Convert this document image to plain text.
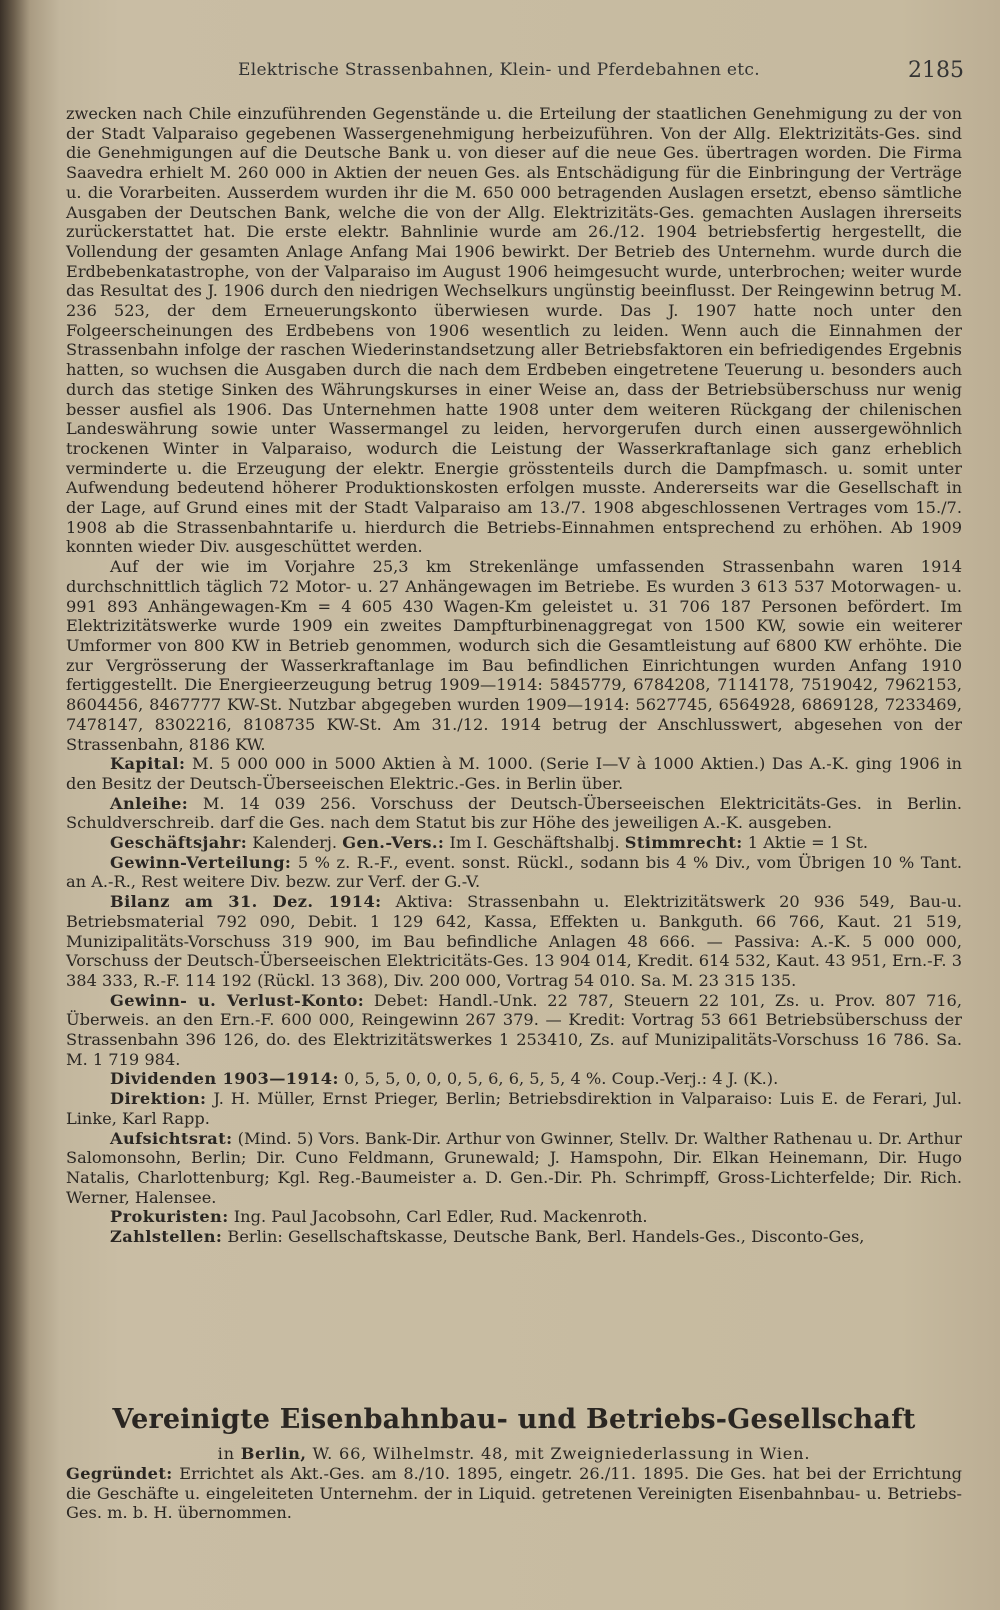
Elektrische Strassenbahnen, Klein- und Pferdebahnen etc.	2185

zwecken nach Chile einzuführenden Gegenstände u. die Erteilung der staatlichen Genehmigung zu der von der Stadt Valparaiso gegebenen Wassergenehmigung herbeizuführen. Von der Allg. Elektrizitäts-Ges. sind die Genehmigungen auf die Deutsche Bank u. von dieser auf die neue Ges. übertragen worden. Die Firma Saavedra erhielt M. 260 000 in Aktien der neuen Ges. als Entschädigung für die Einbringung der Verträge u. die Vorarbeiten. Ausserdem wurden ihr die M. 650 000 betragenden Auslagen ersetzt, ebenso sämtliche Ausgaben der Deutschen Bank, welche die von der Allg. Elektrizitäts-Ges. gemachten Auslagen ihrerseits zurückerstattet hat. Die erste elektr. Bahnlinie wurde am 26./12. 1904 betriebsfertig hergestellt, die Vollendung der gesamten Anlage Anfang Mai 1906 bewirkt. Der Betrieb des Unternehm. wurde durch die Erdbebenkatastrophe, von der Valparaiso im August 1906 heimgesucht wurde, unterbrochen; weiter wurde das Resultat des J. 1906 durch den niedrigen Wechselkurs ungünstig beeinflusst. Der Reingewinn betrug M. 236 523, der dem Erneuerungskonto überwiesen wurde. Das J. 1907 hatte noch unter den Folgeerscheinungen des Erdbebens von 1906 wesentlich zu leiden. Wenn auch die Einnahmen der Strassenbahn infolge der raschen Wiederinstandsetzung aller Betriebsfaktoren ein befriedigendes Ergebnis hatten, so wuchsen die Ausgaben durch die nach dem Erdbeben eingetretene Teuerung u. besonders auch durch das stetige Sinken des Währungskurses in einer Weise an, dass der Betriebsüberschuss nur wenig besser ausfiel als 1906. Das Unternehmen hatte 1908 unter dem weiteren Rückgang der chilenischen Landeswährung sowie unter Wassermangel zu leiden, hervorgerufen durch einen aussergewöhnlich trockenen Winter in Valparaiso, wodurch die Leistung der Wasserkraftanlage sich ganz erheblich verminderte u. die Erzeugung der elektr. Energie grösstenteils durch die Dampfmasch. u. somit unter Aufwendung bedeutend höherer Produktionskosten erfolgen musste. Andererseits war die Gesellschaft in der Lage, auf Grund eines mit der Stadt Valparaiso am 13./7. 1908 abgeschlossenen Vertrages vom 15./7. 1908 ab die Strassenbahntarife u. hierdurch die Betriebs-Einnahmen entsprechend zu erhöhen. Ab 1909 konnten wieder Div. ausgeschüttet werden.

Auf der wie im Vorjahre 25,3 km Strekenlänge umfassenden Strassenbahn waren 1914 durchschnittlich täglich 72 Motor- u. 27 Anhängewagen im Betriebe. Es wurden 3 613 537 Motorwagen- u. 991 893 Anhängewagen-Km = 4 605 430 Wagen-Km geleistet u. 31 706 187 Personen befördert. Im Elektrizitätswerke wurde 1909 ein zweites Dampfturbinenaggregat von 1500 KW, sowie ein weiterer Umformer von 800 KW in Betrieb genommen, wodurch sich die Gesamtleistung auf 6800 KW erhöhte. Die zur Vergrösserung der Wasserkraftanlage im Bau befindlichen Einrichtungen wurden Anfang 1910 fertiggestellt. Die Energieerzeugung betrug 1909—1914: 5845779, 6784208, 7114178, 7519042, 7962153, 8604456, 8467777 KW-St. Nutzbar abgegeben wurden 1909—1914: 5627745, 6564928, 6869128, 7233469, 7478147, 8302216, 8108735 KW-St. Am 31./12. 1914 betrug der Anschlusswert, abgesehen von der Strassenbahn, 8186 KW.

Kapital: M. 5 000 000 in 5000 Aktien à M. 1000. (Serie I—V à 1000 Aktien.) Das A.-K. ging 1906 in den Besitz der Deutsch-Überseeischen Elektric.-Ges. in Berlin über.

Anleihe: M. 14 039 256. Vorschuss der Deutsch-Überseeischen Elektricitäts-Ges. in Berlin. Schuldverschreib. darf die Ges. nach dem Statut bis zur Höhe des jeweiligen A.-K. ausgeben.

Geschäftsjahr: Kalenderj. Gen.-Vers.: Im I. Geschäftshalbj. Stimmrecht: 1 Aktie = 1 St.

Gewinn-Verteilung: 5 % z. R.-F., event. sonst. Rückl., sodann bis 4 % Div., vom Übrigen 10 % Tant. an A.-R., Rest weitere Div. bezw. zur Verf. der G.-V.

Bilanz am 31. Dez. 1914: Aktiva: Strassenbahn u. Elektrizitätswerk 20 936 549, Bau-u. Betriebsmaterial 792 090, Debit. 1 129 642, Kassa, Effekten u. Bankguth. 66 766, Kaut. 21 519, Munizipalitäts-Vorschuss 319 900, im Bau befindliche Anlagen 48 666. — Passiva: A.-K. 5 000 000, Vorschuss der Deutsch-Überseeischen Elektricitäts-Ges. 13 904 014, Kredit. 614 532, Kaut. 43 951, Ern.-F. 3 384 333, R.-F. 114 192 (Rückl. 13 368), Div. 200 000, Vortrag 54 010. Sa. M. 23 315 135.

Gewinn- u. Verlust-Konto: Debet: Handl.-Unk. 22 787, Steuern 22 101, Zs. u. Prov. 807 716, Überweis. an den Ern.-F. 600 000, Reingewinn 267 379. — Kredit: Vortrag 53 661 Betriebsüberschuss der Strassenbahn 396 126, do. des Elektrizitätswerkes 1 253410, Zs. auf Munizipalitäts-Vorschuss 16 786. Sa. M. 1 719 984.

Dividenden 1903—1914: 0, 5, 5, 0, 0, 0, 5, 6, 6, 5, 5, 4 %. Coup.-Verj.: 4 J. (K.).

Direktion: J. H. Müller, Ernst Prieger, Berlin; Betriebsdirektion in Valparaiso: Luis E. de Ferari, Jul. Linke, Karl Rapp.

Aufsichtsrat: (Mind. 5) Vors. Bank-Dir. Arthur von Gwinner, Stellv. Dr. Walther Rathenau u. Dr. Arthur Salomonsohn, Berlin; Dir. Cuno Feldmann, Grunewald; J. Hamspohn, Dir. Elkan Heinemann, Dir. Hugo Natalis, Charlottenburg; Kgl. Reg.-Baumeister a. D. Gen.-Dir. Ph. Schrimpff, Gross-Lichterfelde; Dir. Rich. Werner, Halensee.

Prokuristen: Ing. Paul Jacobsohn, Carl Edler, Rud. Mackenroth.

Zahlstellen: Berlin: Gesellschaftskasse, Deutsche Bank, Berl. Handels-Ges., Disconto-Ges,

Vereinigte Eisenbahnbau- und Betriebs-Gesellschaft
in Berlin, W. 66, Wilhelmstr. 48, mit Zweigniederlassung in Wien.

Gegründet: Errichtet als Akt.-Ges. am 8./10. 1895, eingetr. 26./11. 1895. Die Ges. hat bei der Errichtung die Geschäfte u. eingeleiteten Unternehm. der in Liquid. getretenen Vereinigten Eisenbahnbau- u. Betriebs-Ges. m. b. H. übernommen.
